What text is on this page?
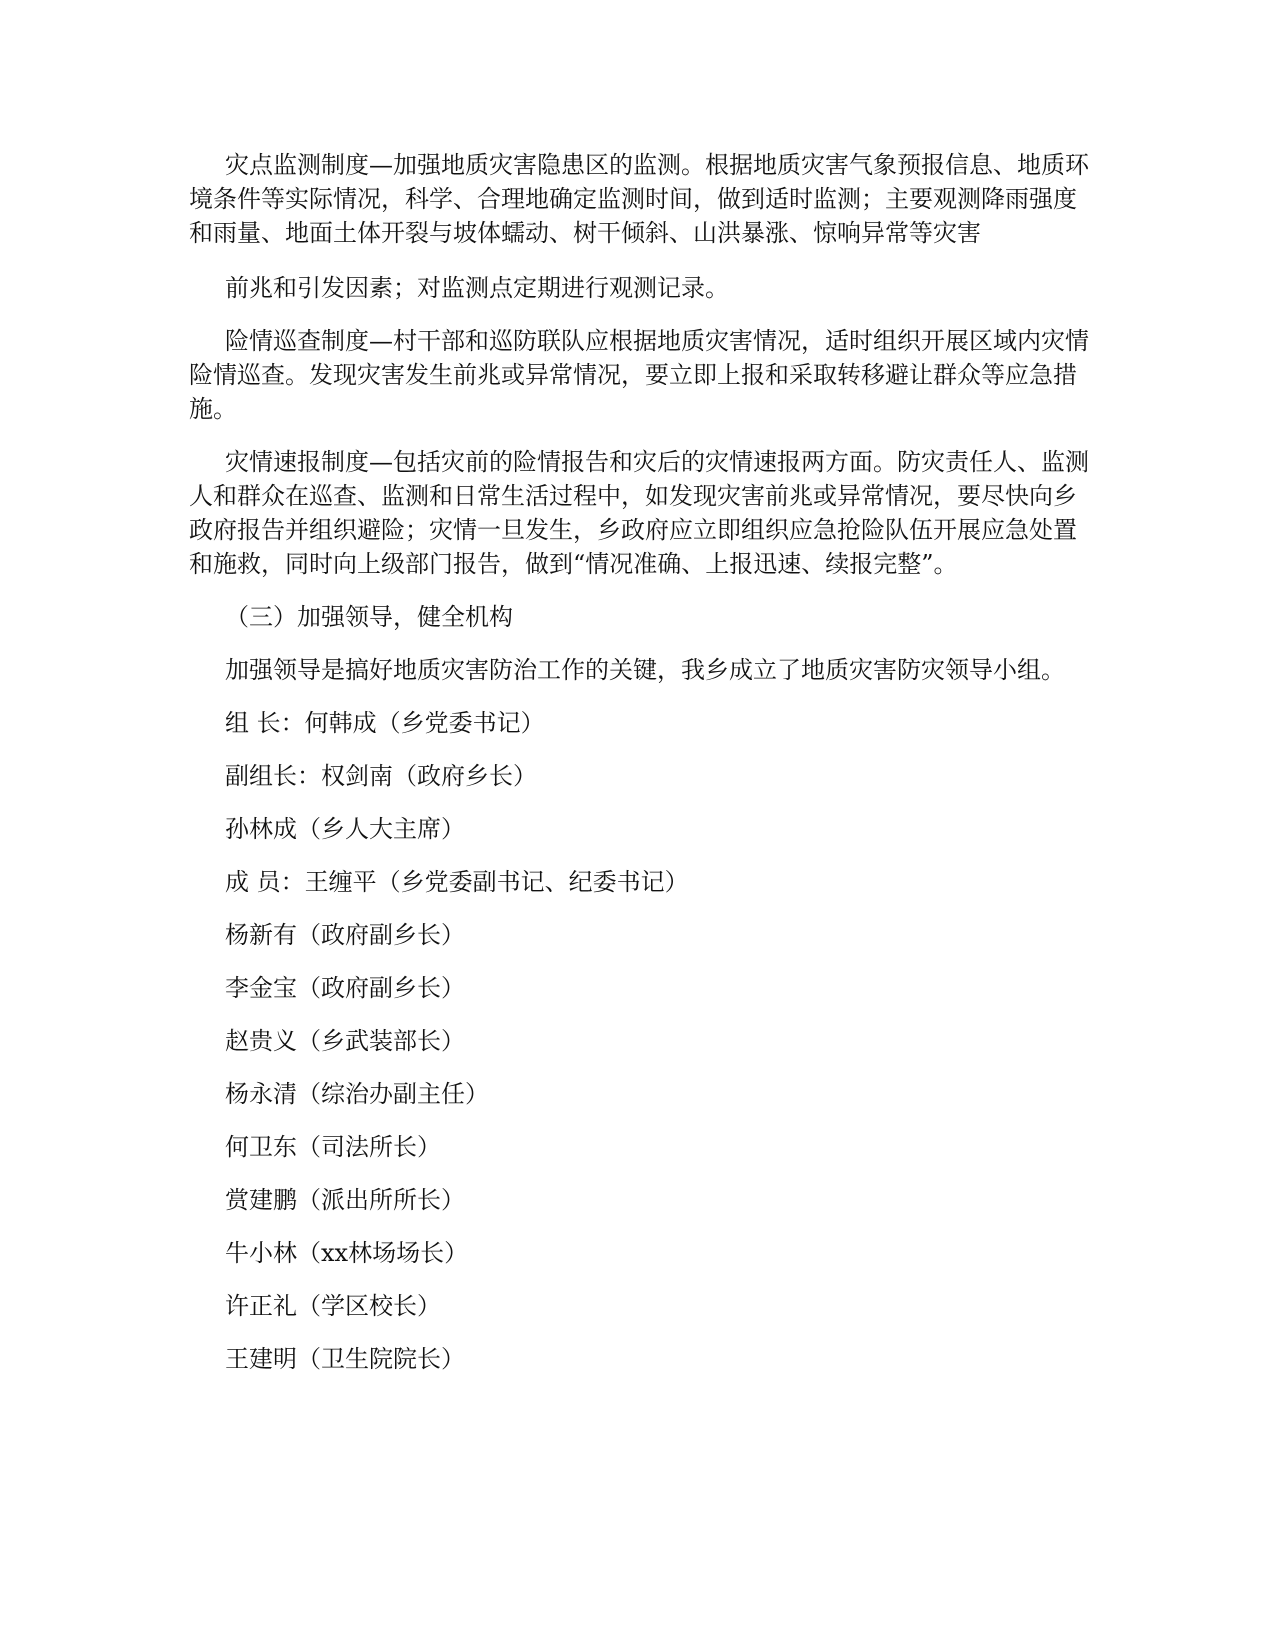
灾点监测制度—加强地质灾害隐患区的监测。根据地质灾害气象预报信息、地质环境条件等实际情况，科学、合理地确定监测时间，做到适时监测；主要观测降雨强度和雨量、地面土体开裂与坡体蠕动、树干倾斜、山洪暴涨、惊响异常等灾害

前兆和引发因素；对监测点定期进行观测记录。

险情巡查制度—村干部和巡防联队应根据地质灾害情况，适时组织开展区域内灾情险情巡查。发现灾害发生前兆或异常情况，要立即上报和采取转移避让群众等应急措施。

灾情速报制度—包括灾前的险情报告和灾后的灾情速报两方面。防灾责任人、监测人和群众在巡查、监测和日常生活过程中，如发现灾害前兆或异常情况，要尽快向乡政府报告并组织避险；灾情一旦发生，乡政府应立即组织应急抢险队伍开展应急处置和施救，同时向上级部门报告，做到“情况准确、上报迅速、续报完整”。

（三）加强领导，健全机构

加强领导是搞好地质灾害防治工作的关键，我乡成立了地质灾害防灾领导小组。

组 长：何韩成（乡党委书记）
副组长：权剑南（政府乡长）
孙林成（乡人大主席）
成 员：王缠平（乡党委副书记、纪委书记）
杨新有（政府副乡长）
李金宝（政府副乡长）
赵贵义（乡武装部长）
杨永清（综治办副主任）
何卫东（司法所长）
赏建鹏（派出所所长）
牛小林（xx林场场长）
许正礼（学区校长）
王建明（卫生院院长）
